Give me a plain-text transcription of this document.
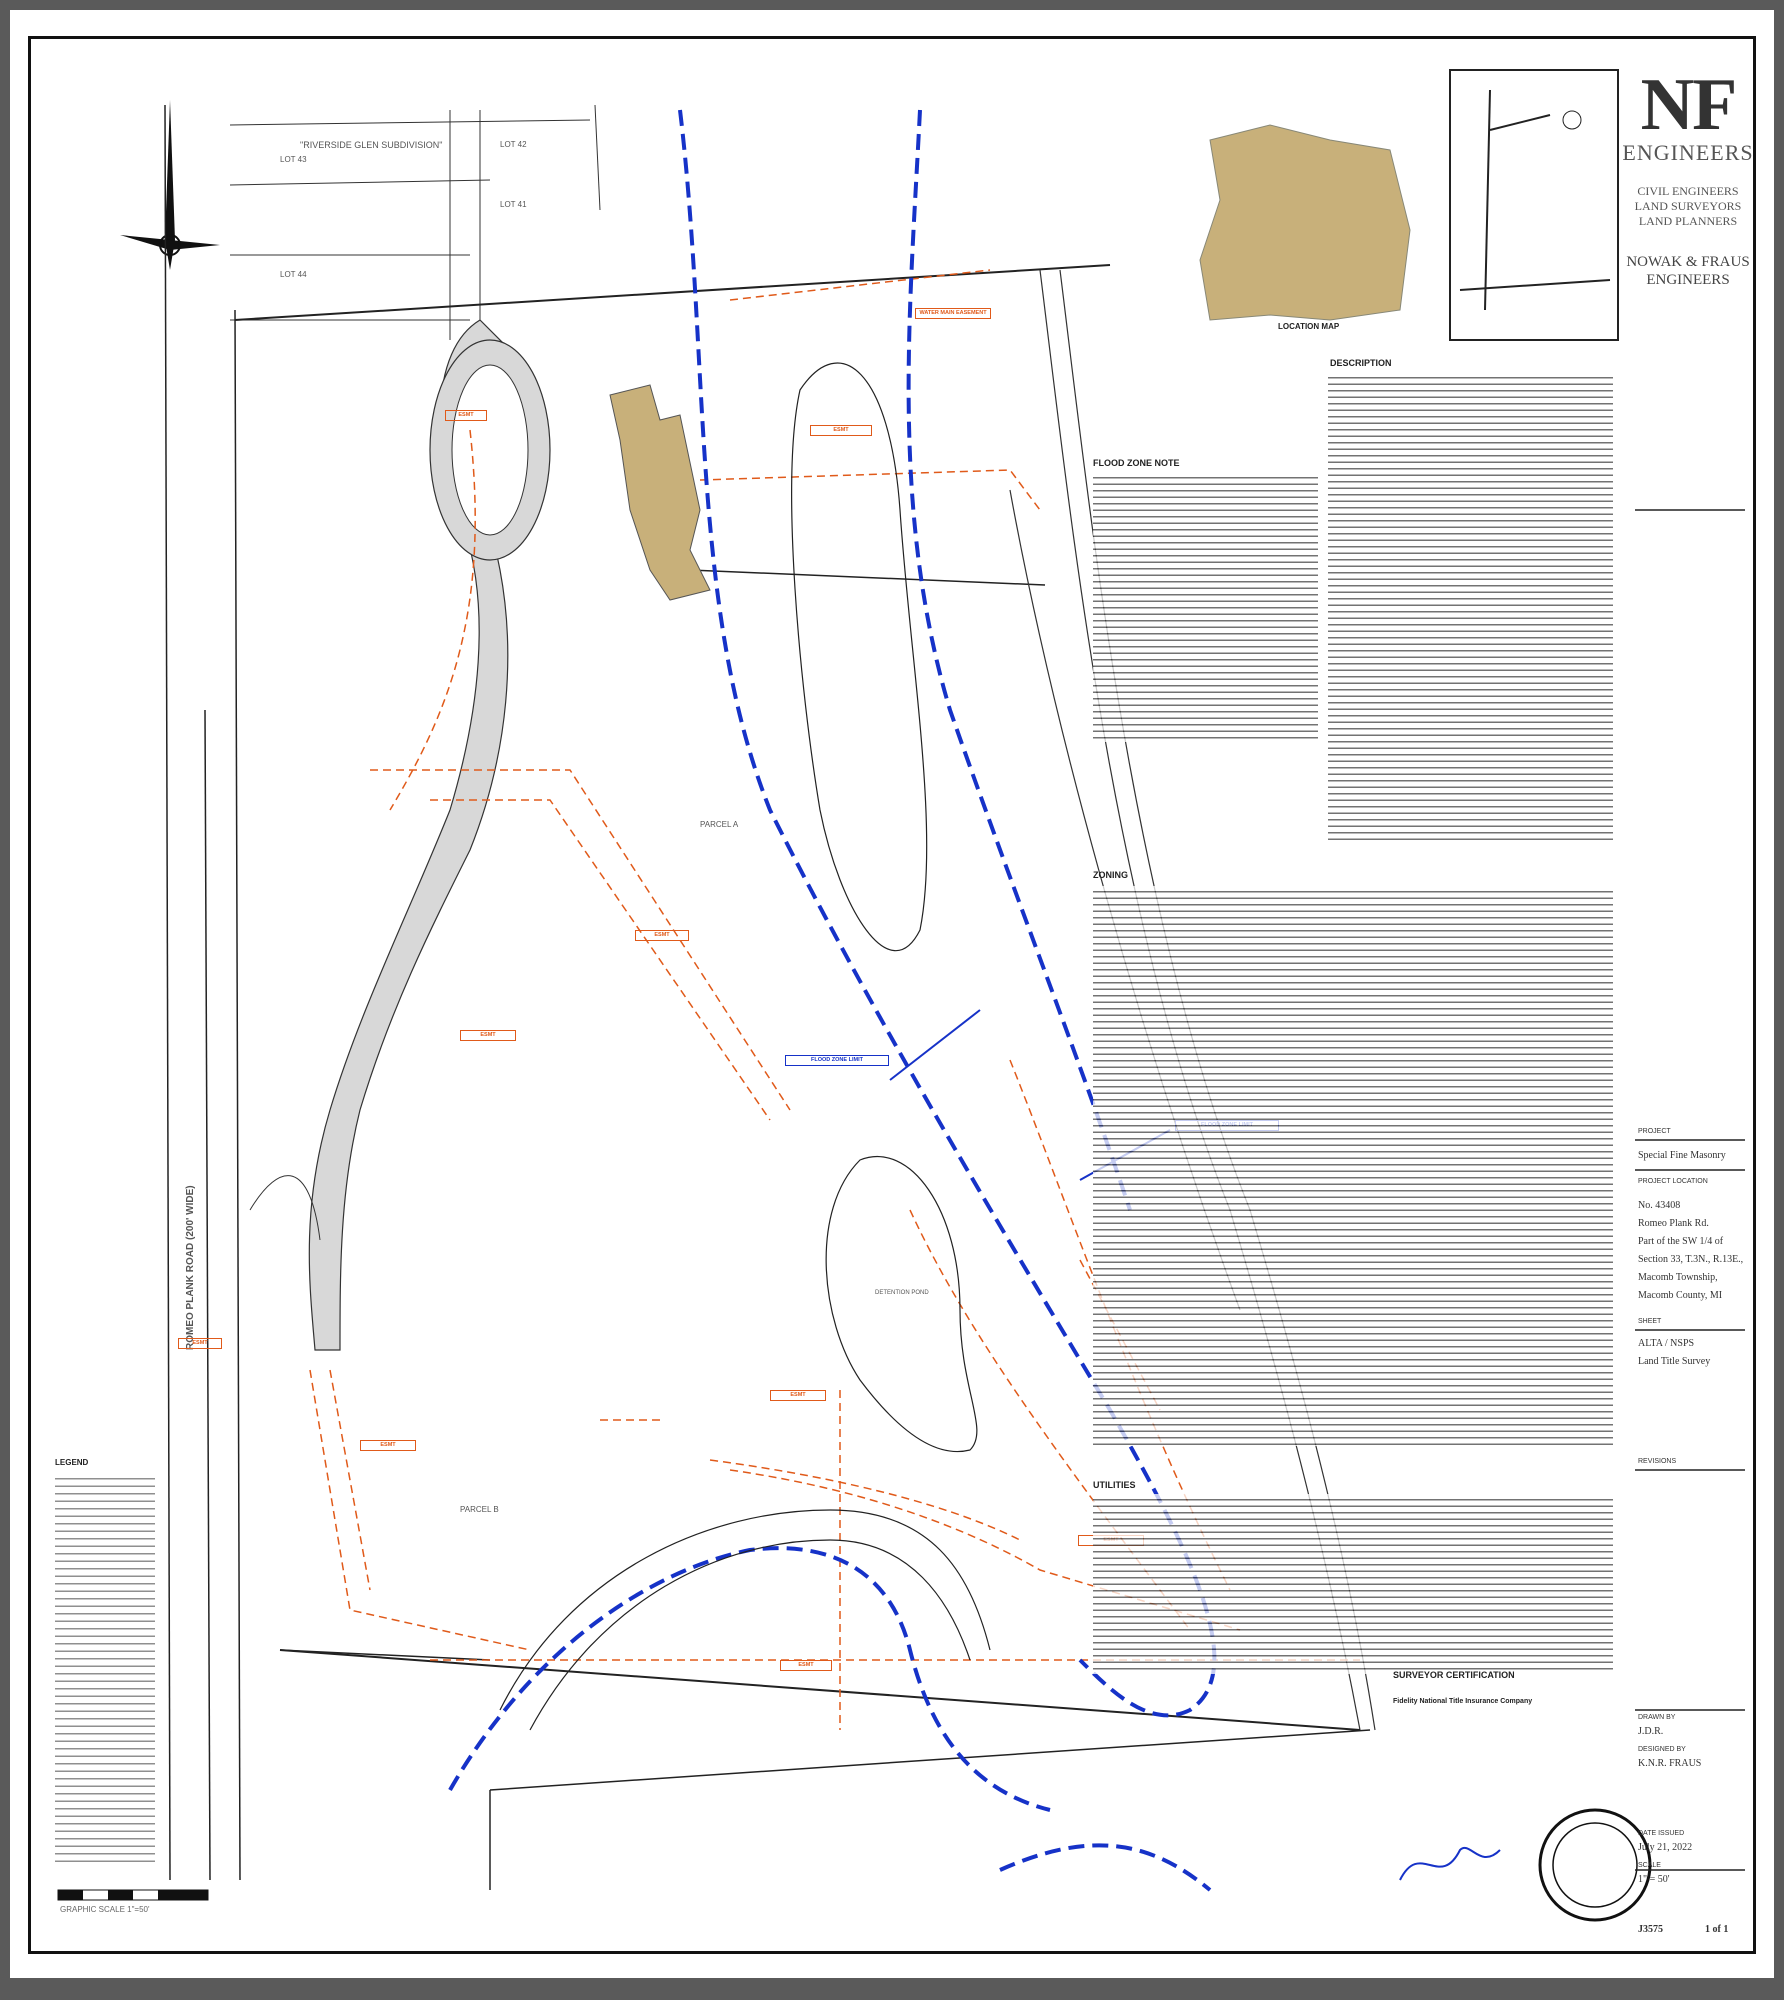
NF
ENGINEERS
CIVIL ENGINEERS
LAND SURVEYORS
LAND PLANNERS
NOWAK & FRAUS
ENGINEERS
PROJECT
Special Fine Masonry
PROJECT LOCATION
No. 43408
Romeo Plank Rd.
Part of the SW 1/4 of
Section 33, T.3N., R.13E.,
Macomb Township,
Macomb County, MI
SHEET
ALTA / NSPS
Land Title Survey
REVISIONS
DRAWN BY
J.D.R.
DESIGNED BY
K.N.R. FRAUS
DATE ISSUED
July 21, 2022
SCALE
1" = 50'
J3575	1 of 1
PARCEL A
PARCEL B
ROMEO PLANK ROAD (200' WIDE)
"RIVERSIDE GLEN SUBDIVISION"
LOT 43
LOT 42
LOT 41
LOT 44
DETENTION POND
LOCATION MAP
WATER MAIN EASEMENT
ESMT
ESMT
ESMT
ESMT
ESMT
ESMT
ESMT
ESMT
FLOOD ZONE LIMIT
DESCRIPTION
FLOOD ZONE NOTE
ZONING
UTILITIES
SURVEYOR CERTIFICATION
Fidelity National Title Insurance Company
LEGEND
GRAPHIC SCALE 1"=50'
